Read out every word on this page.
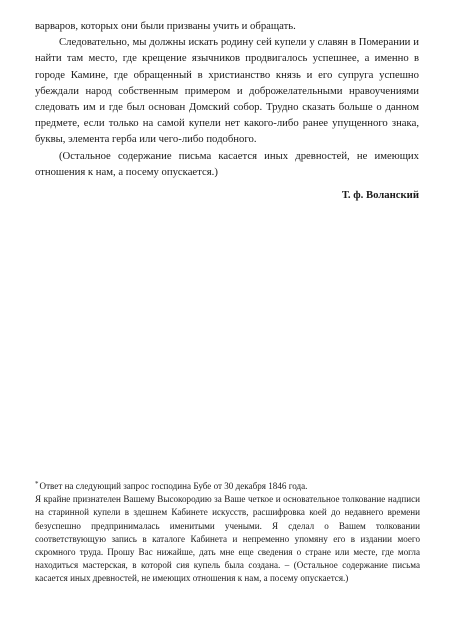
варваров, которых они были призваны учить и обращать.

Следовательно, мы должны искать родину сей купели у славян в Померании и найти там место, где крещение язычников продвигалось успешнее, а именно в городе Камине, где обращенный в христианство князь и его супруга успешно убеждали народ собственным примером и доброжелательными нравоучениями следовать им и где был основан Домский собор. Трудно сказать больше о данном предмете, если только на самой купели нет какого-либо ранее упущенного знака, буквы, элемента герба или чего-либо подобного.

(Остальное содержание письма касается иных древностей, не имеющих отношения к нам, а посему опускается.)

Т. ф. Воланский

*Ответ на следующий запрос господина Бубе от 30 декабря 1846 года.

Я крайне признателен Вашему Высокородию за Ваше четкое и основательное толкование надписи на старинной купели в здешнем Кабинете искусств, расшифровка коей до недавнего времени безуспешно предпринималась именитыми учеными. Я сделал о Вашем толковании соответствующую запись в каталоге Кабинета и непременно упомяну его в издании моего скромного труда. Прошу Вас нижайше, дать мне еще сведения о стране или месте, где могла находиться мастерская, в которой сия купель была создана. – (Остальное содержание письма касается иных древностей, не имеющих отношения к нам, а посему опускается.)
